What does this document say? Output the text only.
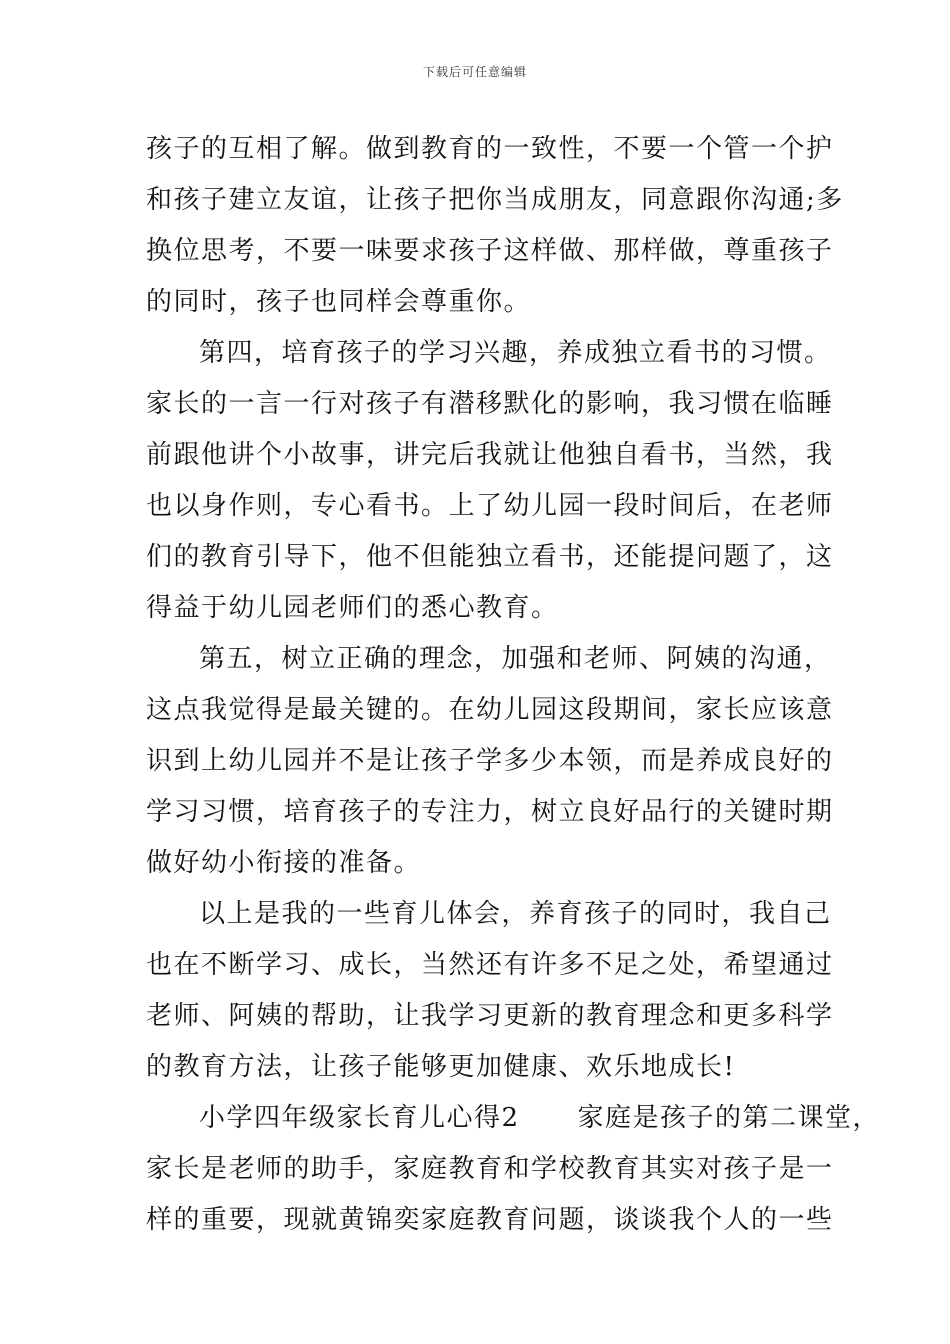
下载后可任意编辑
孩子的互相了解。做到教育的一致性，不要一个管一个护
和孩子建立友谊，让孩子把你当成朋友，同意跟你沟通;多
换位思考，不要一味要求孩子这样做、那样做，尊重孩子
的同时，孩子也同样会尊重你。
第四，培育孩子的学习兴趣，养成独立看书的习惯。
家长的一言一行对孩子有潜移默化的影响，我习惯在临睡
前跟他讲个小故事，讲完后我就让他独自看书，当然，我
也以身作则，专心看书。上了幼儿园一段时间后，在老师
们的教育引导下，他不但能独立看书，还能提问题了，这
得益于幼儿园老师们的悉心教育。
第五，树立正确的理念，加强和老师、阿姨的沟通，
这点我觉得是最关键的。在幼儿园这段期间，家长应该意
识到上幼儿园并不是让孩子学多少本领，而是养成良好的
学习习惯，培育孩子的专注力，树立良好品行的关键时期
做好幼小衔接的准备。
以上是我的一些育儿体会，养育孩子的同时，我自己
也在不断学习、成长，当然还有许多不足之处，希望通过
老师、阿姨的帮助，让我学习更新的教育理念和更多科学
的教育方法，让孩子能够更加健康、欢乐地成长!
小学四年级家长育儿心得2 家庭是孩子的第二课堂，
家长是老师的助手，家庭教育和学校教育其实对孩子是一
样的重要，现就黄锦奕家庭教育问题，谈谈我个人的一些
